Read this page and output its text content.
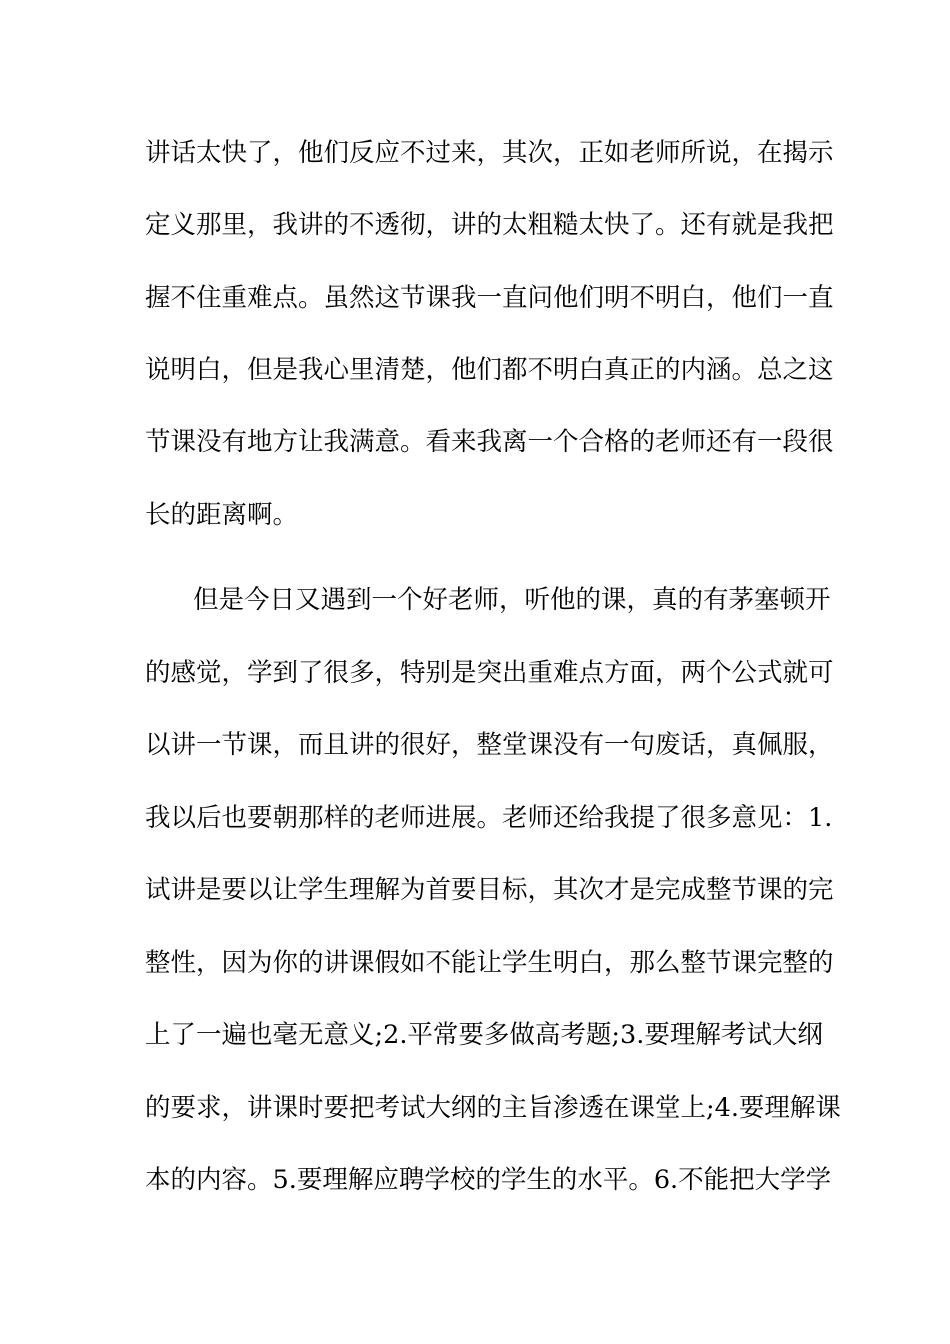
讲话太快了，他们反应不过来，其次，正如老师所说，在揭示
定义那里，我讲的不透彻，讲的太粗糙太快了。还有就是我把
握不住重难点。虽然这节课我一直问他们明不明白，他们一直
说明白，但是我心里清楚，他们都不明白真正的内涵。总之这
节课没有地方让我满意。看来我离一个合格的老师还有一段很
长的距离啊。
但是今日又遇到一个好老师，听他的课，真的有茅塞顿开
的感觉，学到了很多，特别是突出重难点方面，两个公式就可
以讲一节课，而且讲的很好，整堂课没有一句废话，真佩服，
我以后也要朝那样的老师进展。老师还给我提了很多意见：1.
试讲是要以让学生理解为首要目标，其次才是完成整节课的完
整性，因为你的讲课假如不能让学生明白，那么整节课完整的
上了一遍也毫无意义;2.平常要多做高考题;3.要理解考试大纲
的要求，讲课时要把考试大纲的主旨渗透在课堂上;4.要理解课
本的内容。5.要理解应聘学校的学生的水平。6.不能把大学学
